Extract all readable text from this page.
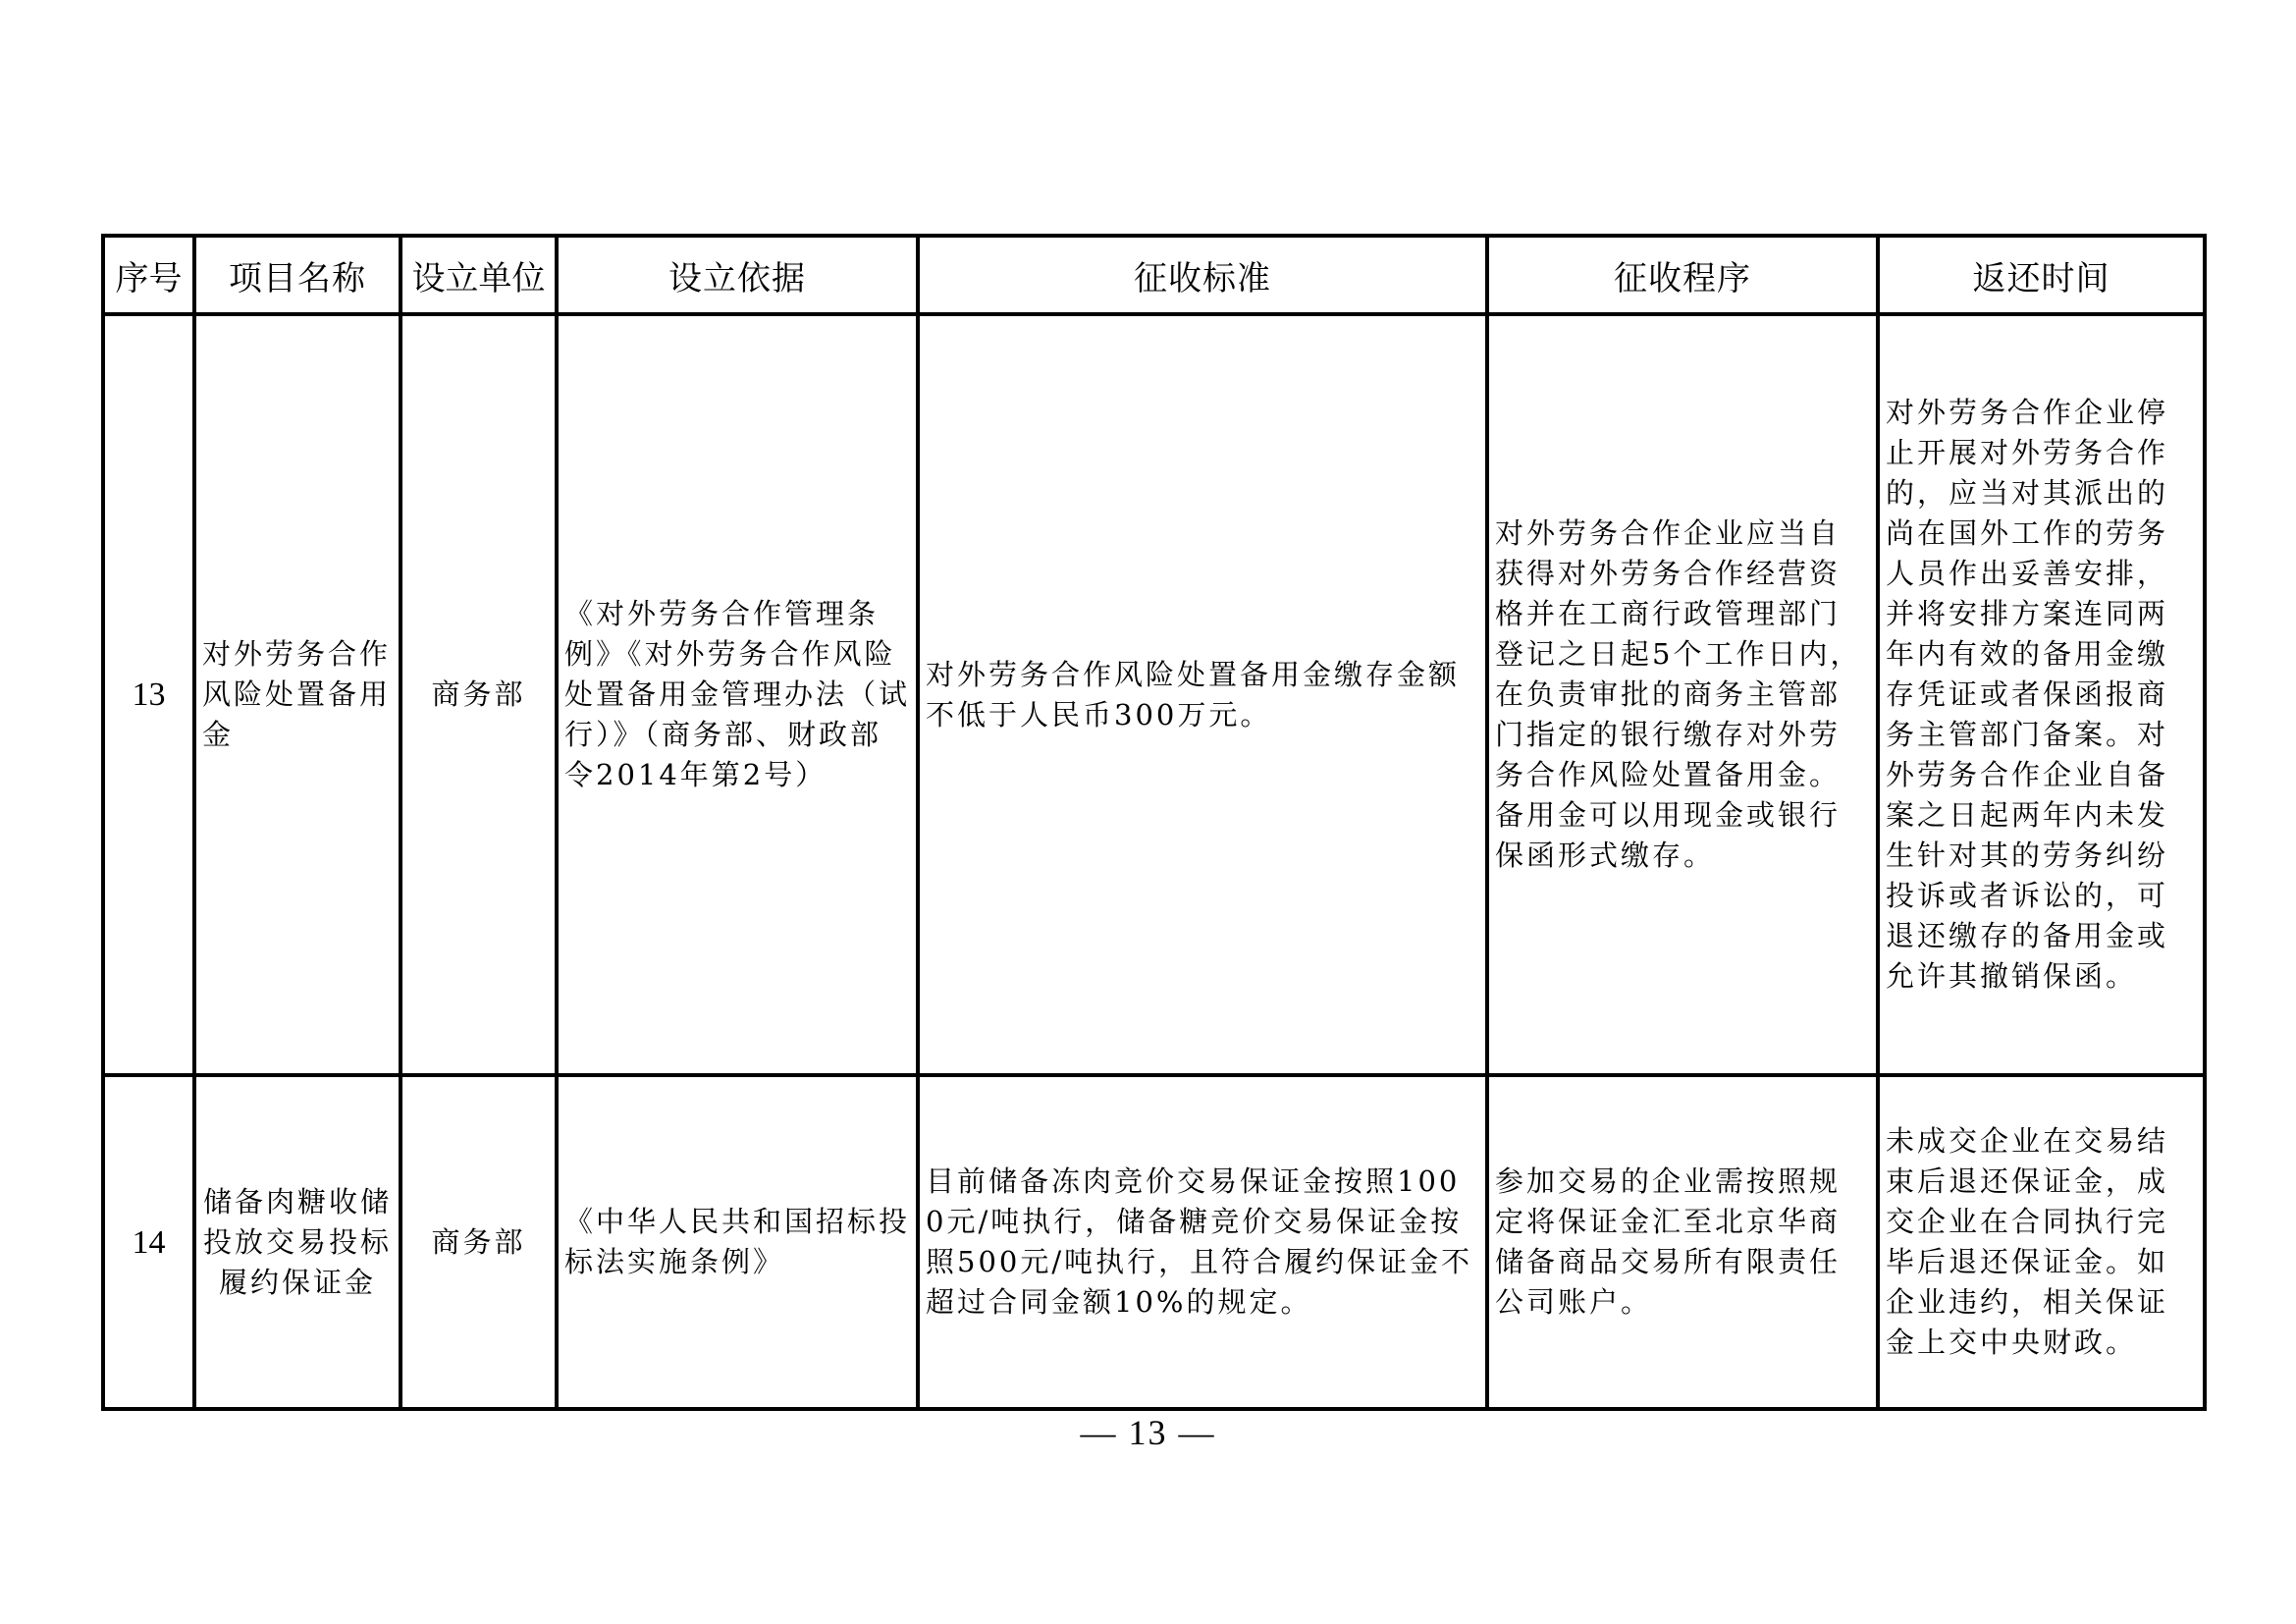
序号	项目名称	设立单位	设立依据	征收标准	征收程序	返还时间
13	对外劳务合作风险处置备用金	商务部	《对外劳务合作管理条例》《对外劳务合作风险处置备用金管理办法（试行）》（商务部、财政部令2014年第2号）	对外劳务合作风险处置备用金缴存金额不低于人民币300万元。	对外劳务合作企业应当自获得对外劳务合作经营资格并在工商行政管理部门登记之日起5个工作日内，在负责审批的商务主管部门指定的银行缴存对外劳务合作风险处置备用金。备用金可以用现金或银行保函形式缴存。	对外劳务合作企业停止开展对外劳务合作的，应当对其派出的尚在国外工作的劳务人员作出妥善安排，并将安排方案连同两年内有效的备用金缴存凭证或者保函报商务主管部门备案。对外劳务合作企业自备案之日起两年内未发生针对其的劳务纠纷投诉或者诉讼的，可退还缴存的备用金或允许其撤销保函。

14	储备肉糖收储投放交易投标履约保证金	商务部	《中华人民共和国招标投标法实施条例》	目前储备冻肉竞价交易保证金按照1000元/吨执行，储备糖竞价交易保证金按照500元/吨执行，且符合履约保证金不超过合同金额10%的规定。	参加交易的企业需按照规定将保证金汇至北京华商储备商品交易所有限责任公司账户。	未成交企业在交易结束后退还保证金，成交企业在合同执行完毕后退还保证金。如企业违约，相关保证金上交中央财政。
— 13 —
